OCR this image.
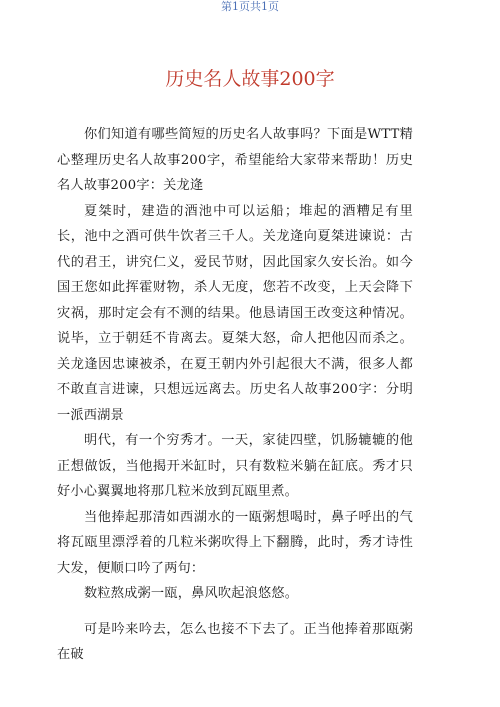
第1页共1页
历史名人故事200字

你们知道有哪些简短的历史名人故事吗？下面是WTT精心整理历史名人故事200字，希望能给大家带来帮助！历史名人故事200字：关龙逄

夏桀时，建造的酒池中可以运船；堆起的酒糟足有里长，池中之酒可供牛饮者三千人。关龙逄向夏桀进谏说：古代的君王，讲究仁义，爱民节财，因此国家久安长治。如今国王您如此挥霍财物，杀人无度，您若不改变，上天会降下灾祸，那时定会有不测的结果。他恳请国王改变这种情况。说毕，立于朝廷不肯离去。夏桀大怒，命人把他囚而杀之。关龙逢因忠谏被杀，在夏王朝内外引起很大不满，很多人都不敢直言进谏，只想远远离去。历史名人故事200字：分明一派西湖景

明代，有一个穷秀才。一天，家徒四壁，饥肠辘辘的他正想做饭，当他揭开米缸时，只有数粒米躺在缸底。秀才只好小心翼翼地将那几粒米放到瓦瓯里煮。

当他捧起那清如西湖水的一瓯粥想喝时，鼻子呼出的气将瓦瓯里漂浮着的几粒米粥吹得上下翻腾，此时，秀才诗性大发，便顺口吟了两句：

数粒熬成粥一瓯，鼻风吹起浪悠悠。

可是吟来吟去，怎么也接不下去了。正当他捧着那瓯粥在破
